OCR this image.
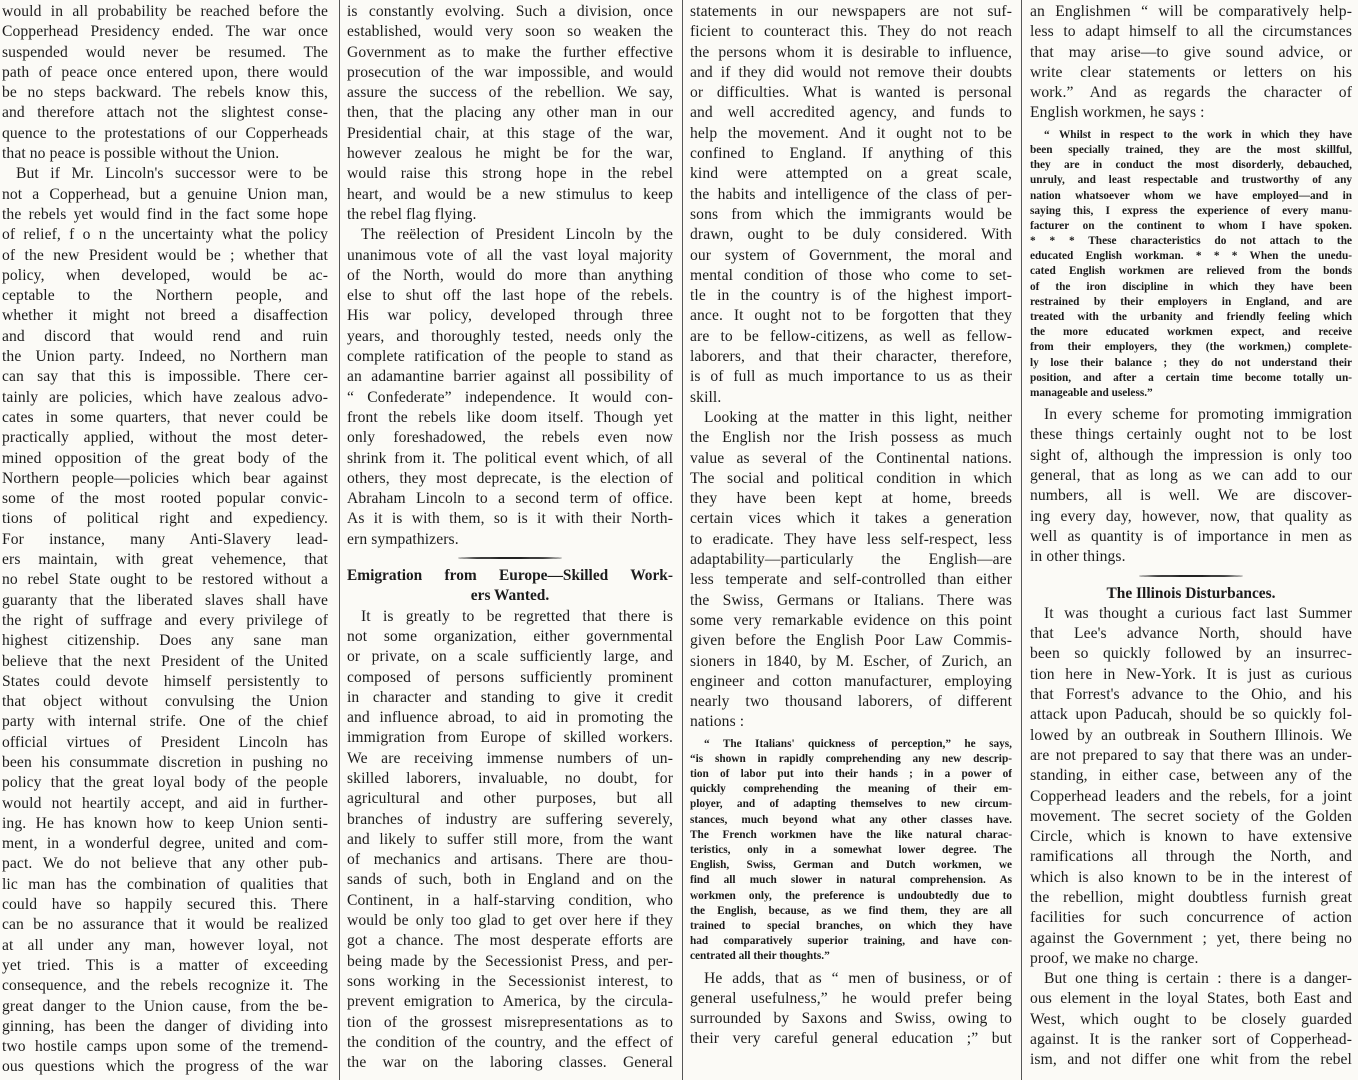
would in all probability be reached before the
Copperhead Presidency ended. The war once
suspended would never be resumed. The
path of peace once entered upon, there would
be no steps backward. The rebels know this,
and therefore attach not the slightest conse-
quence to the protestations of our Copperheads
that no peace is possible without the Union.
But if Mr. Lincoln's successor were to be
not a Copperhead, but a genuine Union man,
the rebels yet would find in the fact some hope
of relief, f o n the uncertainty what the policy
of the new President would be ; whether that
policy, when developed, would be ac-
ceptable to the Northern people, and
whether it might not breed a disaffection
and discord that would rend and ruin
the Union party. Indeed, no Northern man
can say that this is impossible. There cer-
tainly are policies, which have zealous advo-
cates in some quarters, that never could be
practically applied, without the most deter-
mined opposition of the great body of the
Northern people—policies which bear against
some of the most rooted popular convic-
tions of political right and expediency.
For instance, many Anti-Slavery lead-
ers maintain, with great vehemence, that
no rebel State ought to be restored without a
guaranty that the liberated slaves shall have
the right of suffrage and every privilege of
highest citizenship. Does any sane man
believe that the next President of the United
States could devote himself persistently to
that object without convulsing the Union
party with internal strife. One of the chief
official virtues of President Lincoln has
been his consummate discretion in pushing no
policy that the great loyal body of the people
would not heartily accept, and aid in further-
ing. He has known how to keep Union senti-
ment, in a wonderful degree, united and com-
pact. We do not believe that any other pub-
lic man has the combination of qualities that
could have so happily secured this. There
can be no assurance that it would be realized
at all under any man, however loyal, not
yet tried. This is a matter of exceeding
consequence, and the rebels recognize it. The
great danger to the Union cause, from the be-
ginning, has been the danger of dividing into
two hostile camps upon some of the tremend-
ous questions which the progress of the war
is constantly evolving. Such a division, once
established, would very soon so weaken the
Government as to make the further effective
prosecution of the war impossible, and would
assure the success of the rebellion. We say,
then, that the placing any other man in our
Presidential chair, at this stage of the war,
however zealous he might be for the war,
would raise this strong hope in the rebel
heart, and would be a new stimulus to keep
the rebel flag flying.
The reëlection of President Lincoln by the
unanimous vote of all the vast loyal majority
of the North, would do more than anything
else to shut off the last hope of the rebels.
His war policy, developed through three
years, and thoroughly tested, needs only the
complete ratification of the people to stand as
an adamantine barrier against all possibility of
“ Confederate” independence. It would con-
front the rebels like doom itself. Though yet
only foreshadowed, the rebels even now
shrink from it. The political event which, of all
others, they most deprecate, is the election of
Abraham Lincoln to a second term of office.
As it is with them, so is it with their North-
ern sympathizers.
Emigration from Europe—Skilled Work-
ers Wanted.
It is greatly to be regretted that there is
not some organization, either governmental
or private, on a scale sufficiently large, and
composed of persons sufficiently prominent
in character and standing to give it credit
and influence abroad, to aid in promoting the
immigration from Europe of skilled workers.
We are receiving immense numbers of un-
skilled laborers, invaluable, no doubt, for
agricultural and other purposes, but all
branches of industry are suffering severely,
and likely to suffer still more, from the want
of mechanics and artisans. There are thou-
sands of such, both in England and on the
Continent, in a half-starving condition, who
would be only too glad to get over here if they
got a chance. The most desperate efforts are
being made by the Secessionist Press, and per-
sons working in the Secessionist interest, to
prevent emigration to America, by the circula-
tion of the grossest misrepresentations as to
the condition of the country, and the effect of
the war on the laboring classes. General
statements in our newspapers are not suf-
ficient to counteract this. They do not reach
the persons whom it is desirable to influence,
and if they did would not remove their doubts
or difficulties. What is wanted is personal
and well accredited agency, and funds to
help the movement. And it ought not to be
confined to England. If anything of this
kind were attempted on a great scale,
the habits and intelligence of the class of per-
sons from which the immigrants would be
drawn, ought to be duly considered. With
our system of Government, the moral and
mental condition of those who come to set-
tle in the country is of the highest import-
ance. It ought not to be forgotten that they
are to be fellow-citizens, as well as fellow-
laborers, and that their character, therefore,
is of full as much importance to us as their
skill.
Looking at the matter in this light, neither
the English nor the Irish possess as much
value as several of the Continental nations.
The social and political condition in which
they have been kept at home, breeds
certain vices which it takes a generation
to eradicate. They have less self-respect, less
adaptability—particularly the English—are
less temperate and self-controlled than either
the Swiss, Germans or Italians. There was
some very remarkable evidence on this point
given before the English Poor Law Commis-
sioners in 1840, by M. Escher, of Zurich, an
engineer and cotton manufacturer, employing
nearly two thousand laborers, of different
nations :
“ The Italians' quickness of perception,” he says,
“is shown in rapidly comprehending any new descrip-
tion of labor put into their hands ; in a power of
quickly comprehending the meaning of their em-
ployer, and of adapting themselves to new circum-
stances, much beyond what any other classes have.
The French workmen have the like natural charac-
teristics, only in a somewhat lower degree. The
English, Swiss, German and Dutch workmen, we
find all much slower in natural comprehension. As
workmen only, the preference is undoubtedly due to
the English, because, as we find them, they are all
trained to special branches, on which they have
had comparatively superior training, and have con-
centrated all their thoughts.”
He adds, that as “ men of business, or of
general usefulness,” he would prefer being
surrounded by Saxons and Swiss, owing to
their very careful general education ;” but
an Englishmen “ will be comparatively help-
less to adapt himself to all the circumstances
that may arise—to give sound advice, or
write clear statements or letters on his
work.” And as regards the character of
English workmen, he says :
“ Whilst in respect to the work in which they have
been specially trained, they are the most skillful,
they are in conduct the most disorderly, debauched,
unruly, and least respectable and trustworthy of any
nation whatsoever whom we have employed—and in
saying this, I express the experience of every manu-
facturer on the continent to whom I have spoken.
* * * These characteristics do not attach to the
educated English workman. * * * When the unedu-
cated English workmen are relieved from the bonds
of the iron discipline in which they have been
restrained by their employers in England, and are
treated with the urbanity and friendly feeling which
the more educated workmen expect, and receive
from their employers, they (the workmen,) complete-
ly lose their balance ; they do not understand their
position, and after a certain time become totally un-
manageable and useless.”
In every scheme for promoting immigration
these things certainly ought not to be lost
sight of, although the impression is only too
general, that as long as we can add to our
numbers, all is well. We are discover-
ing every day, however, now, that quality as
well as quantity is of importance in men as
in other things.
The Illinois Disturbances.
It was thought a curious fact last Summer
that Lee's advance North, should have
been so quickly followed by an insurrec-
tion here in New-York. It is just as curious
that Forrest's advance to the Ohio, and his
attack upon Paducah, should be so quickly fol-
lowed by an outbreak in Southern Illinois. We
are not prepared to say that there was an under-
standing, in either case, between any of the
Copperhead leaders and the rebels, for a joint
movement. The secret society of the Golden
Circle, which is known to have extensive
ramifications all through the North, and
which is also known to be in the interest of
the rebellion, might doubtless furnish great
facilities for such concurrence of action
against the Government ; yet, there being no
proof, we make no charge.
But one thing is certain : there is a danger-
ous element in the loyal States, both East and
West, which ought to be closely guarded
against. It is the ranker sort of Copperhead-
ism, and not differ one whit from the rebel
